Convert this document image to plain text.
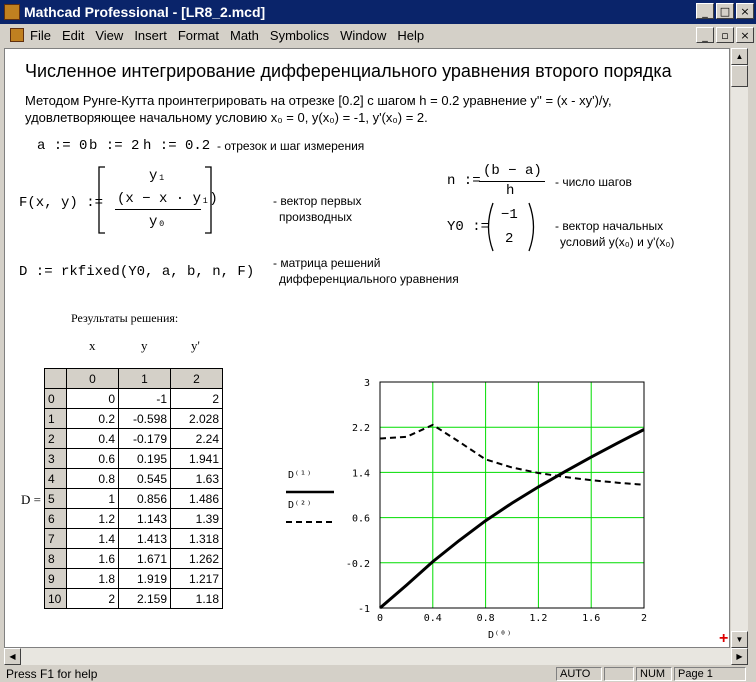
Mathcad Professional - [LR8_2.mcd]	_	□ ×
File Edit View Insert Format Math Symbolics Window Help	_	▫	×
Численное интегрирование дифференциального уравнения второго порядка
Методом Рунге-Кутта проинтегрировать на отрезке [0.2] с шагом h = 0.2 уравнение y'' = (x - xy')/y,
удовлетворяющее начальному условию x₀ = 0, y(x₀) = -1, y'(x₀) = 2.
a := 0 b := 2 h := 0.2 - отрезок и шаг измерения
F(x, y) :=
y₁
(x − x · y₁)
y₀
- вектор первых
производных
n :=
(b − a)
h
- число шагов
Y0 :=
−1
2
- вектор начальных
условий y(x₀) и y'(x₀)
D := rkfixed(Y0, a, b, n, F)
- матрица решений
дифференциального уравнения
Результаты решения:
x	y	y'
D =
	0	1	2
0	0	-1	2
1	0.2	-0.598	2.028
2	0.4	-0.179	2.24
3	0.6	0.195	1.941
4	0.8	0.545	1.63
5	1	0.856	1.486
6	1.2	1.143	1.39
7	1.4	1.413	1.318
8	1.6	1.671	1.262
9	1.8	1.919	1.217
10	2	2.159	1.18
0	0.4	0.8	1.2	1.6	2
-1
-0.2
0.6
1.4
2.2
3
D⁽⁰⁾
D⁽¹⁾
D⁽²⁾
+
▲
▼
◀	▶
Press F1 for help	AUTO	NUM	Page 1
